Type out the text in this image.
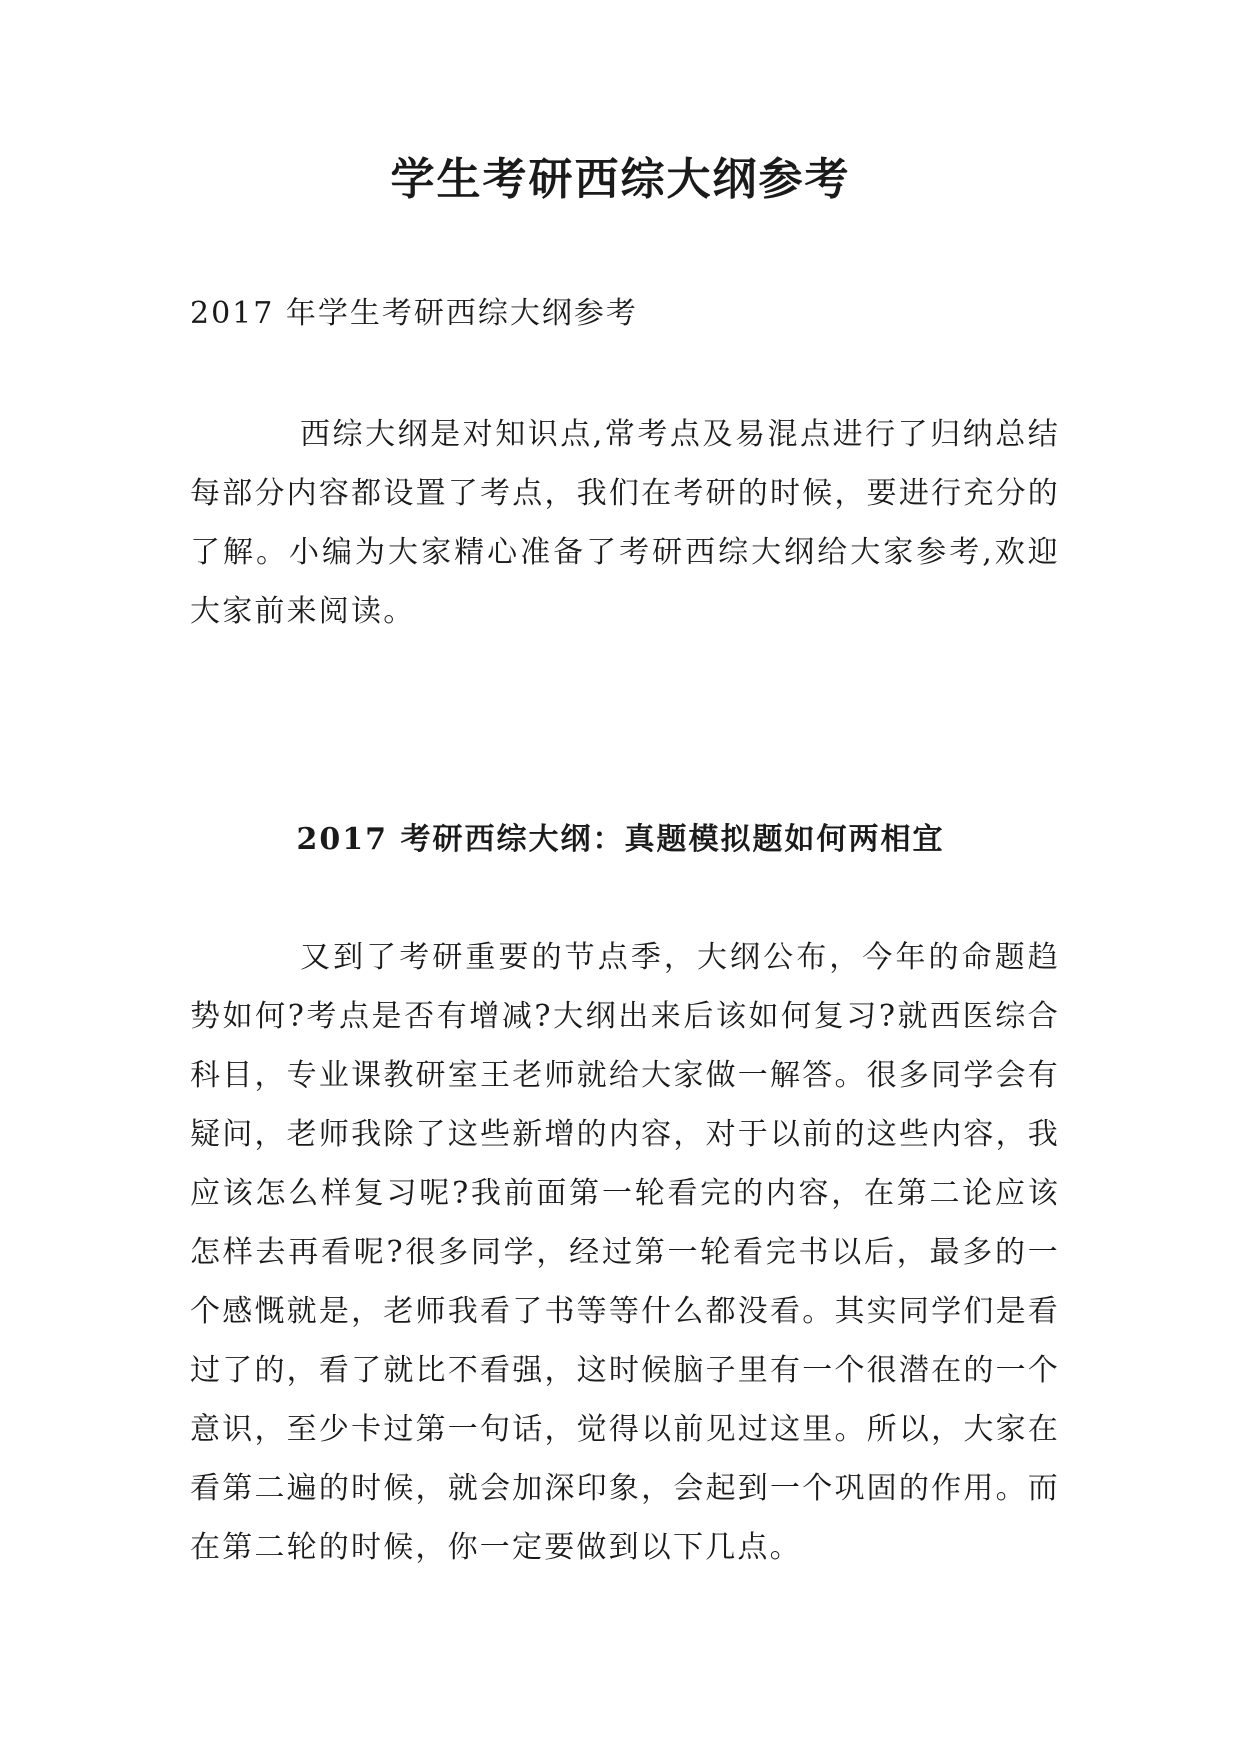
学生考研西综大纲参考

2017 年学生考研西综大纲参考

西综大纲是对知识点,常考点及易混点进行了归纳总结每部分内容都设置了考点，我们在考研的时候，要进行充分的了解。小编为大家精心准备了考研西综大纲给大家参考,欢迎大家前来阅读。

2017 考研西综大纲：真题模拟题如何两相宜

又到了考研重要的节点季，大纲公布，今年的命题趋势如何?考点是否有增减?大纲出来后该如何复习?就西医综合科目，专业课教研室王老师就给大家做一解答。很多同学会有疑问，老师我除了这些新增的内容，对于以前的这些内容，我应该怎么样复习呢?我前面第一轮看完的内容，在第二论应该怎样去再看呢?很多同学，经过第一轮看完书以后，最多的一个感慨就是，老师我看了书等等什么都没看。其实同学们是看过了的，看了就比不看强，这时候脑子里有一个很潜在的一个意识，至少卡过第一句话，觉得以前见过这里。所以，大家在看第二遍的时候，就会加深印象，会起到一个巩固的作用。而在第二轮的时候，你一定要做到以下几点。
